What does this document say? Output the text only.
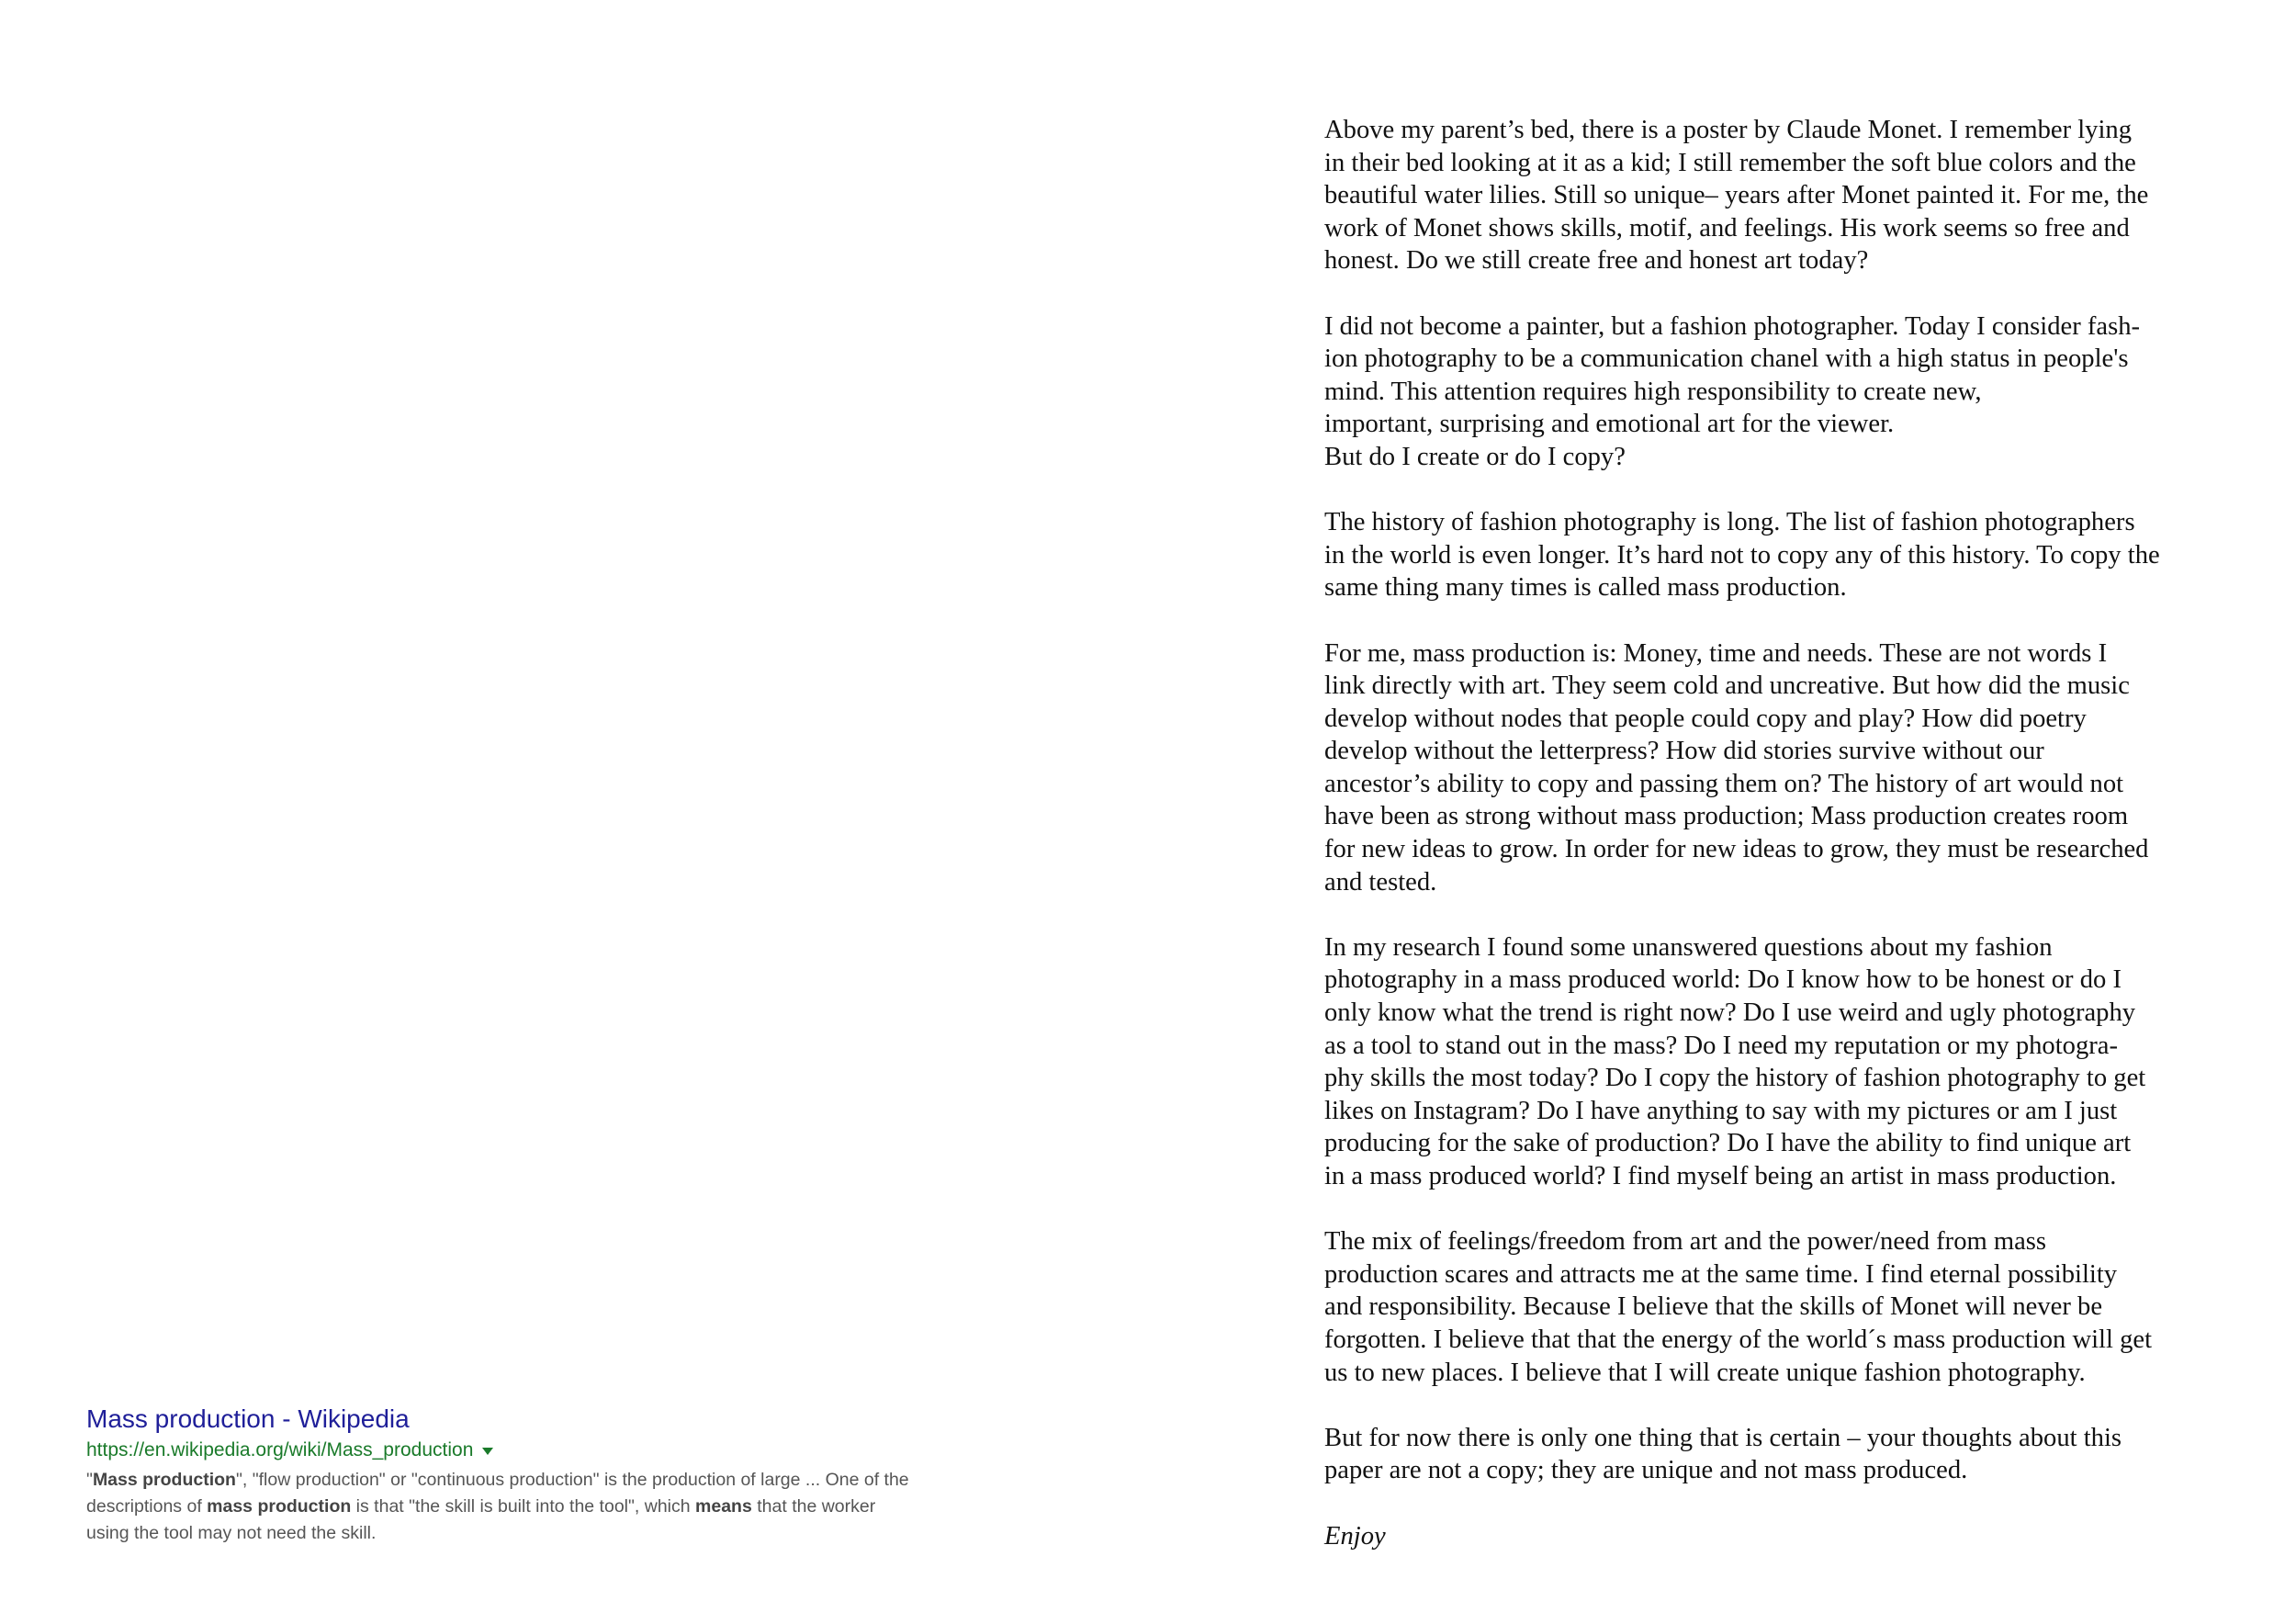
Mass production - Wikipedia
https://en.wikipedia.org/wiki/Mass_production
"Mass production", "flow production" or "continuous production" is the production of large ... One of the
descriptions of mass production is that "the skill is built into the tool", which means that the worker
using the tool may not need the skill.

Above my parent’s bed, there is a poster by Claude Monet. I remember lying
in their bed looking at it as a kid; I still remember the soft blue colors and the
beautiful water lilies. Still so unique– years after Monet painted it. For me, the
work of Monet shows skills, motif, and feelings. His work seems so free and
honest. Do we still create free and honest art today?

I did not become a painter, but a fashion photographer. Today I consider fash-
ion photography to be a communication chanel with a high status in people's
mind. This attention requires high responsibility to create new,
important, surprising and emotional art for the viewer.
But do I create or do I copy?

The history of fashion photography is long. The list of fashion photographers
in the world is even longer. It’s hard not to copy any of this history. To copy the
same thing many times is called mass production.

For me, mass production is: Money, time and needs. These are not words I
link directly with art. They seem cold and uncreative. But how did the music
develop without nodes that people could copy and play? How did poetry
develop without the letterpress? How did stories survive without our
ancestor’s ability to copy and passing them on? The history of art would not
have been as strong without mass production; Mass production creates room
for new ideas to grow. In order for new ideas to grow, they must be researched
and tested.

In my research I found some unanswered questions about my fashion
photography in a mass produced world: Do I know how to be honest or do I
only know what the trend is right now? Do I use weird and ugly photography
as a tool to stand out in the mass? Do I need my reputation or my photogra-
phy skills the most today? Do I copy the history of fashion photography to get
likes on Instagram? Do I have anything to say with my pictures or am I just
producing for the sake of production? Do I have the ability to find unique art
in a mass produced world? I find myself being an artist in mass production.

The mix of feelings/freedom from art and the power/need from mass
production scares and attracts me at the same time. I find eternal possibility
and responsibility. Because I believe that the skills of Monet will never be
forgotten. I believe that that the energy of the world´s mass production will get
us to new places. I believe that I will create unique fashion photography.

But for now there is only one thing that is certain – your thoughts about this
paper are not a copy; they are unique and not mass produced.

Enjoy
